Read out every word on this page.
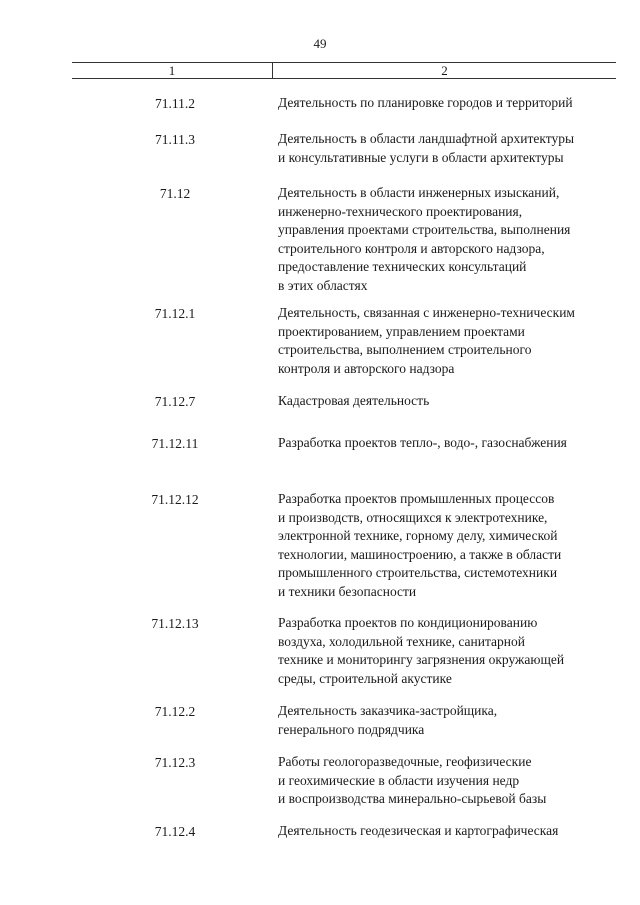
49
1	2
71.11.2	Деятельность по планировке городов и территорий
71.11.3	Деятельность в области ландшафтной архитектуры
и консультативные услуги в области архитектуры
71.12	Деятельность в области инженерных изысканий,
инженерно-технического проектирования,
управления проектами строительства, выполнения
строительного контроля и авторского надзора,
предоставление технических консультаций
в этих областях
71.12.1	Деятельность, связанная с инженерно-техническим
проектированием, управлением проектами
строительства, выполнением строительного
контроля и авторского надзора
71.12.7	Кадастровая деятельность
71.12.11	Разработка проектов тепло-, водо-, газоснабжения
71.12.12	Разработка проектов промышленных процессов
и производств, относящихся к электротехнике,
электронной технике, горному делу, химической
технологии, машиностроению, а также в области
промышленного строительства, системотехники
и техники безопасности
71.12.13	Разработка проектов по кондиционированию
воздуха, холодильной технике, санитарной
технике и мониторингу загрязнения окружающей
среды, строительной акустике
71.12.2	Деятельность заказчика-застройщика,
генерального подрядчика
71.12.3	Работы геологоразведочные, геофизические
и геохимические в области изучения недр
и воспроизводства минерально-сырьевой базы
71.12.4	Деятельность геодезическая и картографическая
